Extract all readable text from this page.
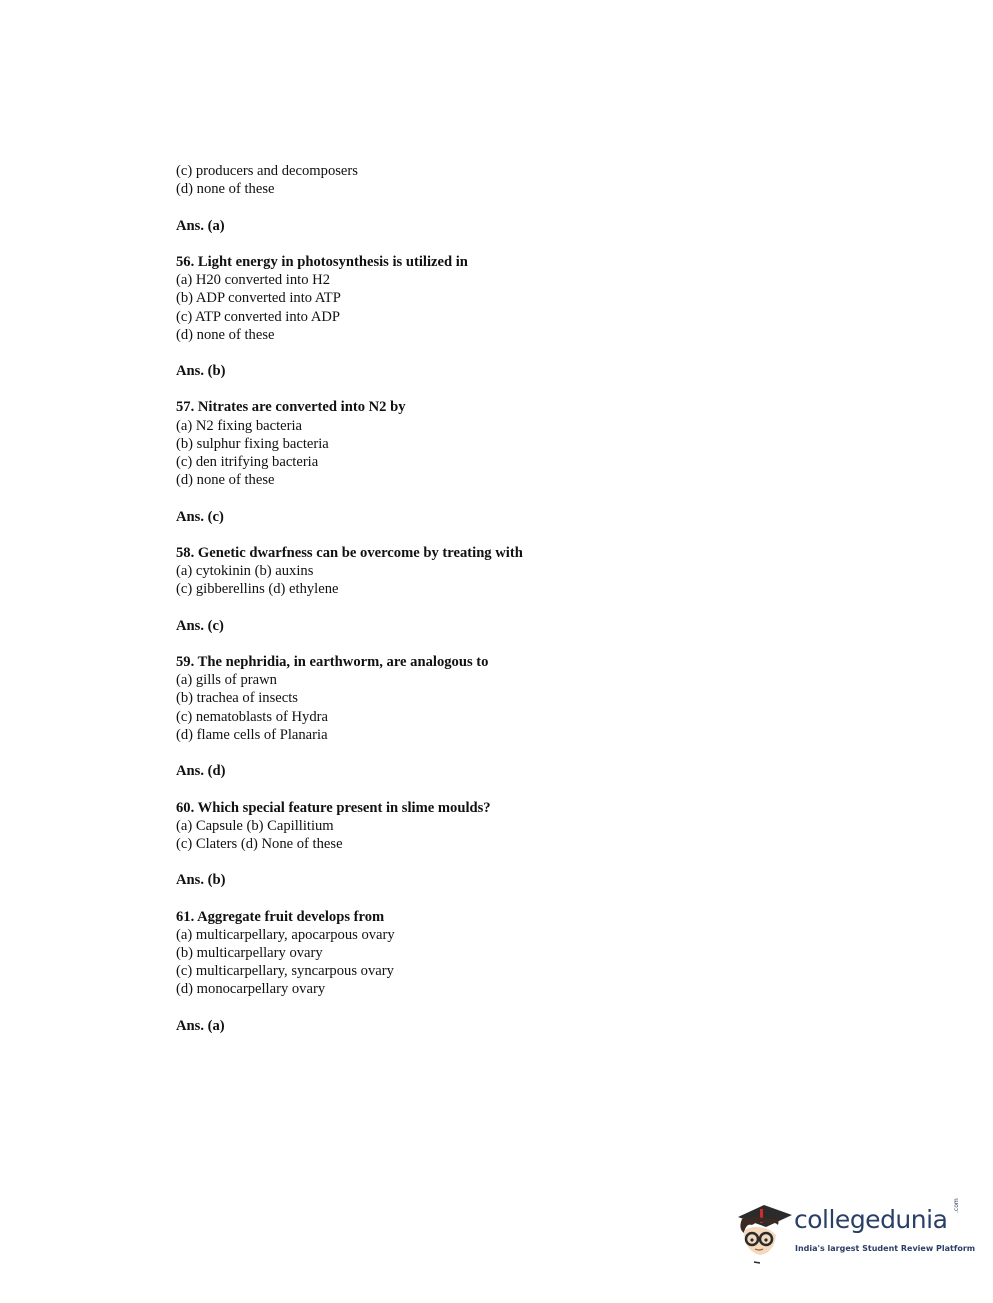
(c) producers and decomposers
(d) none of these
Ans. (a)
56. Light energy in photosynthesis is utilized in
(a) H20 converted into H2
(b) ADP converted into ATP
(c) ATP converted into ADP
(d) none of these
Ans. (b)
57. Nitrates are converted into N2 by
(a) N2 fixing bacteria
(b) sulphur fixing bacteria
(c) den itrifying bacteria
(d) none of these
Ans. (c)
58. Genetic dwarfness can be overcome by treating with
(a) cytokinin (b) auxins
(c) gibberellins (d) ethylene
Ans. (c)
59. The nephridia, in earthworm, are analogous to
(a) gills of prawn
(b) trachea of insects
(c) nematoblasts of Hydra
(d) flame cells of Planaria
Ans. (d)
60. Which special feature present in slime moulds?
(a) Capsule (b) Capillitium
(c) Claters (d) None of these
Ans. (b)
61. Aggregate fruit develops from
(a) multicarpellary, apocarpous ovary
(b) multicarpellary ovary
(c) multicarpellary, syncarpous ovary
(d) monocarpellary ovary
Ans. (a)
collegedunia .com
India's largest Student Review Platform
